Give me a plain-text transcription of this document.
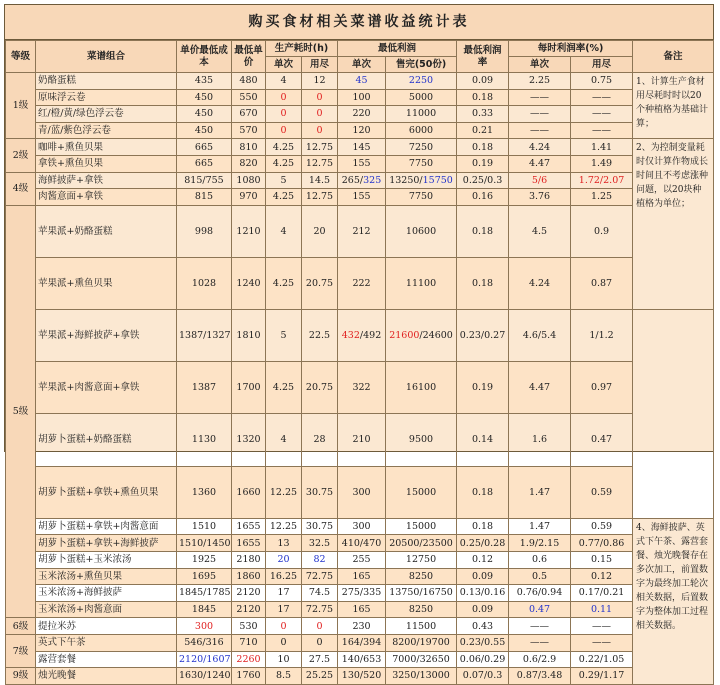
购买食材相关菜谱收益统计表
等级	菜谱组合	单价最低成本	最低单价	生产耗时(h)		最低利润		最低利润率	每时利润率(%)		备注	
				单次	用尽	单次	售完(50份)		单次	用尽		
1级	奶酪蛋糕	435	480	4	12	45	2250	0.09	2.25	0.75	1、计算生产食材用尽耗时时以20个种植格为基础计算；	

	原味浮云卷	450	550	0	0	100	5000	0.18	——	——		
	红/橙/黄/绿色浮云卷	450	670	0	0	220	11000	0.33	——	——		
	青/蓝/紫色浮云卷	450	570	0	0	120	6000	0.21	——	——		
2级	咖啡+熏鱼贝果	665	810	4.25	12.75	145	7250	0.18	4.24	1.41	2、为控制变量耗时仅计算作物成长时间且不考虑涨种问题，以20块种植格为单位；	

	拿铁+熏鱼贝果	665	820	4.25	12.75	155	7750	0.19	4.47	1.49		
4级	海鲜披萨+拿铁	815/755	1080	5	14.5	265/325	13250/15750	0.25/0.3	5/6	1.72/2.07		
	肉酱意面+拿铁	815	970	4.25	12.75	155	7750	0.16	3.76	1.25		
5级	苹果派+奶酪蛋糕	998	1210	4	20	212	10600	0.18	4.5	0.9	

	苹果派+熏鱼贝果	1028	1240	4.25	20.75	222	11100	0.18	4.24	0.87		
	苹果派+海鲜披萨+拿铁	1387/1327	1810	5	22.5	432/492	21600/24600	0.23/0.27	4.6/5.4	1/1.2		
	苹果派+肉酱意面+拿铁	1387	1700	4.25	20.75	322	16100	0.19	4.47	0.97		
	胡萝卜蛋糕+奶酪蛋糕	1130	1320	4	28	210	9500	0.14	1.6	0.47		
	胡萝卜蛋糕+拿铁+熏鱼贝果	1360	1660	12.25	30.75	300	15000	0.18	1.47	0.59		
	胡萝卜蛋糕+拿铁+肉酱意面	1510	1655	12.25	30.75	300	15000	0.18	1.47	0.59	4、海鲜披萨、英式下午茶、露营套餐、烛光晚餐存在多次加工，前置数字为最终加工轮次相关数据，后置数字为整体加工过程相关数据。	

	胡萝卜蛋糕+拿铁+海鲜披萨	1510/1450	1655	13	32.5	410/470	20500/23500	0.25/0.28	1.9/2.15	0.77/0.86		
	胡萝卜蛋糕+玉米浓汤	1925	2180	20	82	255	12750	0.12	0.6	0.15		
	玉米浓汤+熏鱼贝果	1695	1860	16.25	72.75	165	8250	0.09	0.5	0.12		
	玉米浓汤+海鲜披萨	1845/1785	2120	17	74.5	275/335	13750/16750	0.13/0.16	0.76/0.94	0.17/0.21		
	玉米浓汤+肉酱意面	1845	2120	17	72.75	165	8250	0.09	0.47	0.11		
6级	提拉米苏	300	530	0	0	230	11500	0.43	——	——		
7级	英式下午茶	546/316	710	0	0	164/394	8200/19700	0.23/0.55	——	——		
	露营套餐	2120/1607	2260	10	27.5	140/653	7000/32650	0.06/0.29	0.6/2.9	0.22/1.05		
9级	烛光晚餐	1630/1240	1760	8.5	25.25	130/520	3250/13000	0.07/0.3	0.87/3.48	0.29/1.17		
